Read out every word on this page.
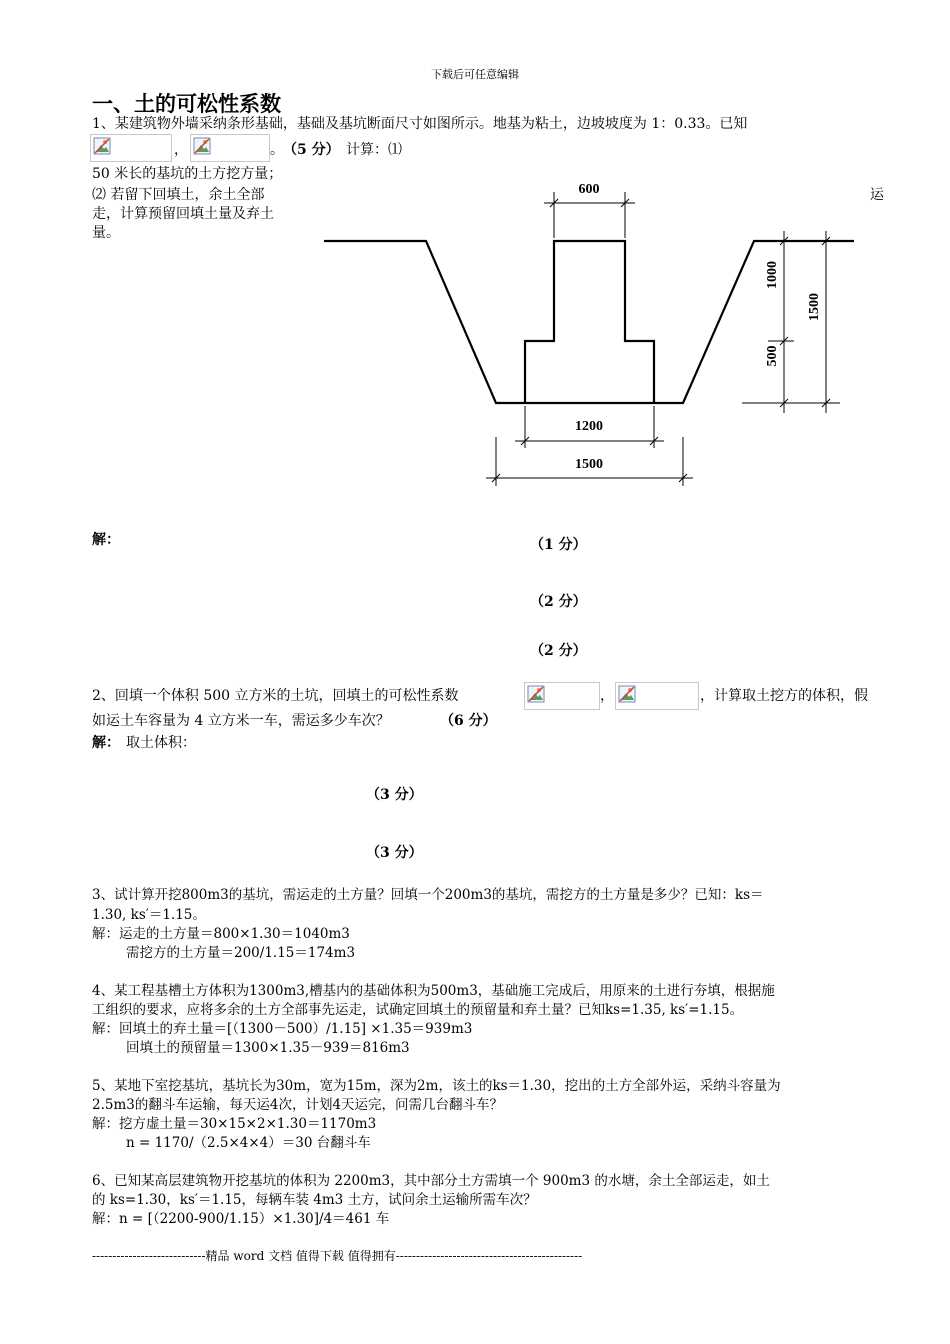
下载后可任意编辑
一、土的可松性系数
1、某建筑物外墙采纳条形基础，基础及基坑断面尺寸如图所示。地基为粘土，边坡坡度为 1：0.33。已知
，	。 （5 分） 计算：⑴
50 米长的基坑的土方挖方量；
⑵ 若留下回填土，余土全部	运
走，计算预留回填土量及弃土
量。
600
1200
1500
1000
500
1500
解：	（1 分）
（2 分）
（2 分）
2、回填一个体积 500 立方米的土坑，回填土的可松性系数	，	，计算取土挖方的体积，假
如运土车容量为 4 立方米一车，需运多少车次？	（6 分）
解： 取土体积：
（3 分）
（3 分）
3、试计算开挖800m3的基坑，需运走的土方量？回填一个200m3的基坑，需挖方的土方量是多少？已知：ks＝
1.30, ks′＝1.15。
解：运走的土方量＝800×1.30＝1040m3
需挖方的土方量＝200/1.15＝174m3
4、某工程基槽土方体积为1300m3,槽基内的基础体积为500m3，基础施工完成后，用原来的土进行夯填，根据施
工组织的要求，应将多余的土方全部事先运走，试确定回填土的预留量和弃土量？已知ks=1.35, ks′=1.15。
解：回填土的弃土量＝[（1300－500）/1.15] ×1.35＝939m3
回填土的预留量＝1300×1.35－939＝816m3
5、某地下室挖基坑，基坑长为30m，宽为15m，深为2m，该土的ks＝1.30，挖出的土方全部外运，采纳斗容量为
2.5m3的翻斗车运输，每天运4次，计划4天运完，问需几台翻斗车？
解：挖方虚土量＝30×15×2×1.30＝1170m3
n = 1170/（2.5×4×4）＝30 台翻斗车
6、已知某高层建筑物开挖基坑的体积为 2200m3，其中部分土方需填一个 900m3 的水塘，余土全部运走，如土
的 ks=1.30，ks′＝1.15，每辆车装 4m3 土方，试问余土运输所需车次？
解：n = [（2200-900/1.15）×1.30]/4＝461 车
----------------------------精品 word 文档 值得下载 值得拥有----------------------------------------------
